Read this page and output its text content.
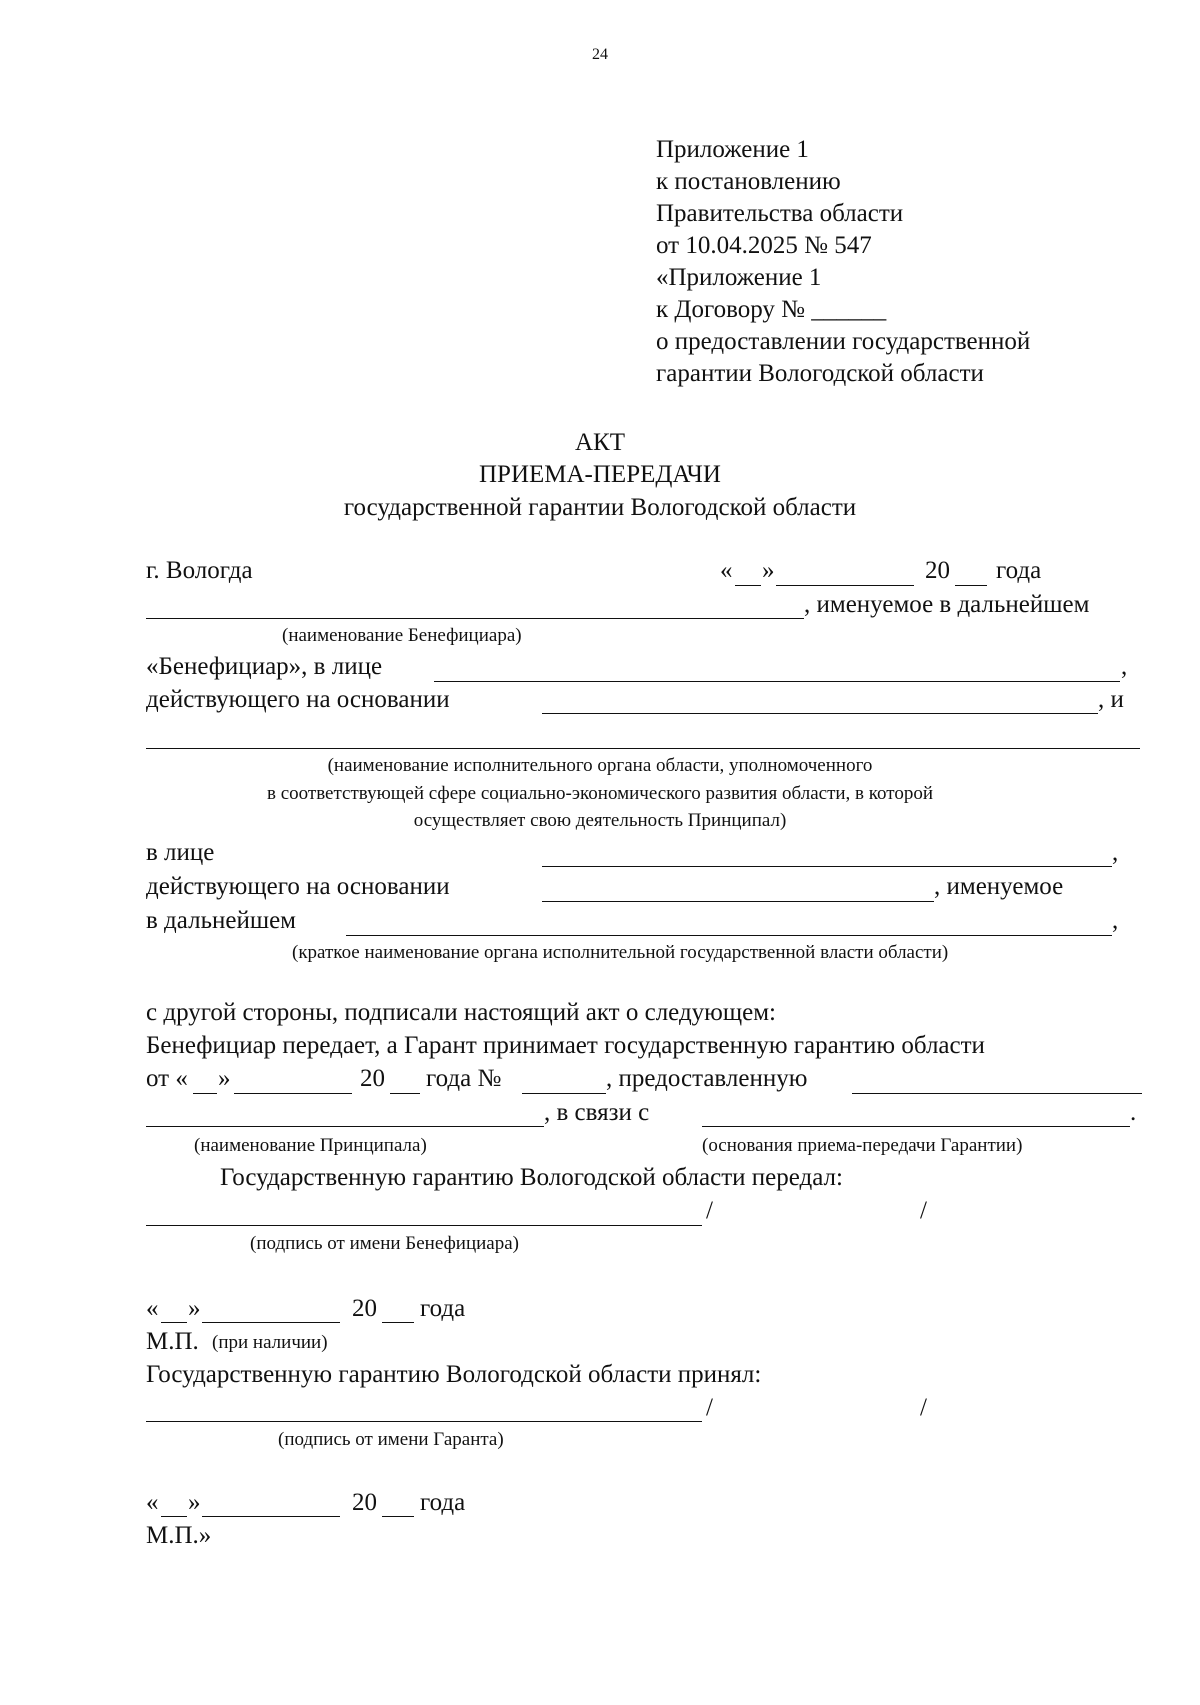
24
Приложение 1
к постановлению
Правительства области
от 10.04.2025 № 547
«Приложение 1
к Договору № ______
о предоставлении государственной
гарантии Вологодской области
АКТ
ПРИЕМА-ПЕРЕДАЧИ
государственной гарантии Вологодской области
г. Вологда	« »	20 года
, именуемое в дальнейшем
(наименование Бенефициара)
«Бенефициар», в лице	,
действующего на основании	, и
(наименование исполнительного органа области, уполномоченного
в соответствующей сфере социально-экономического развития области, в которой
осуществляет свою деятельность Принципал)
в лице	,
действующего на основании	, именуемое
в дальнейшем	,
(краткое наименование органа исполнительной государственной власти области)
с другой стороны, подписали настоящий акт о следующем:
Бенефициар передает, а Гарант принимает государственную гарантию области
от « »	20 года №	, предоставленную
, в связи с	.
(наименование Принципала)	(основания приема-передачи Гарантии)
Государственную гарантию Вологодской области передал:
/	/
(подпись от имени Бенефициара)
« »	20 года
М.П. (при наличии)
Государственную гарантию Вологодской области принял:
/	/
(подпись от имени Гаранта)
« »	20 года
М.П.»
